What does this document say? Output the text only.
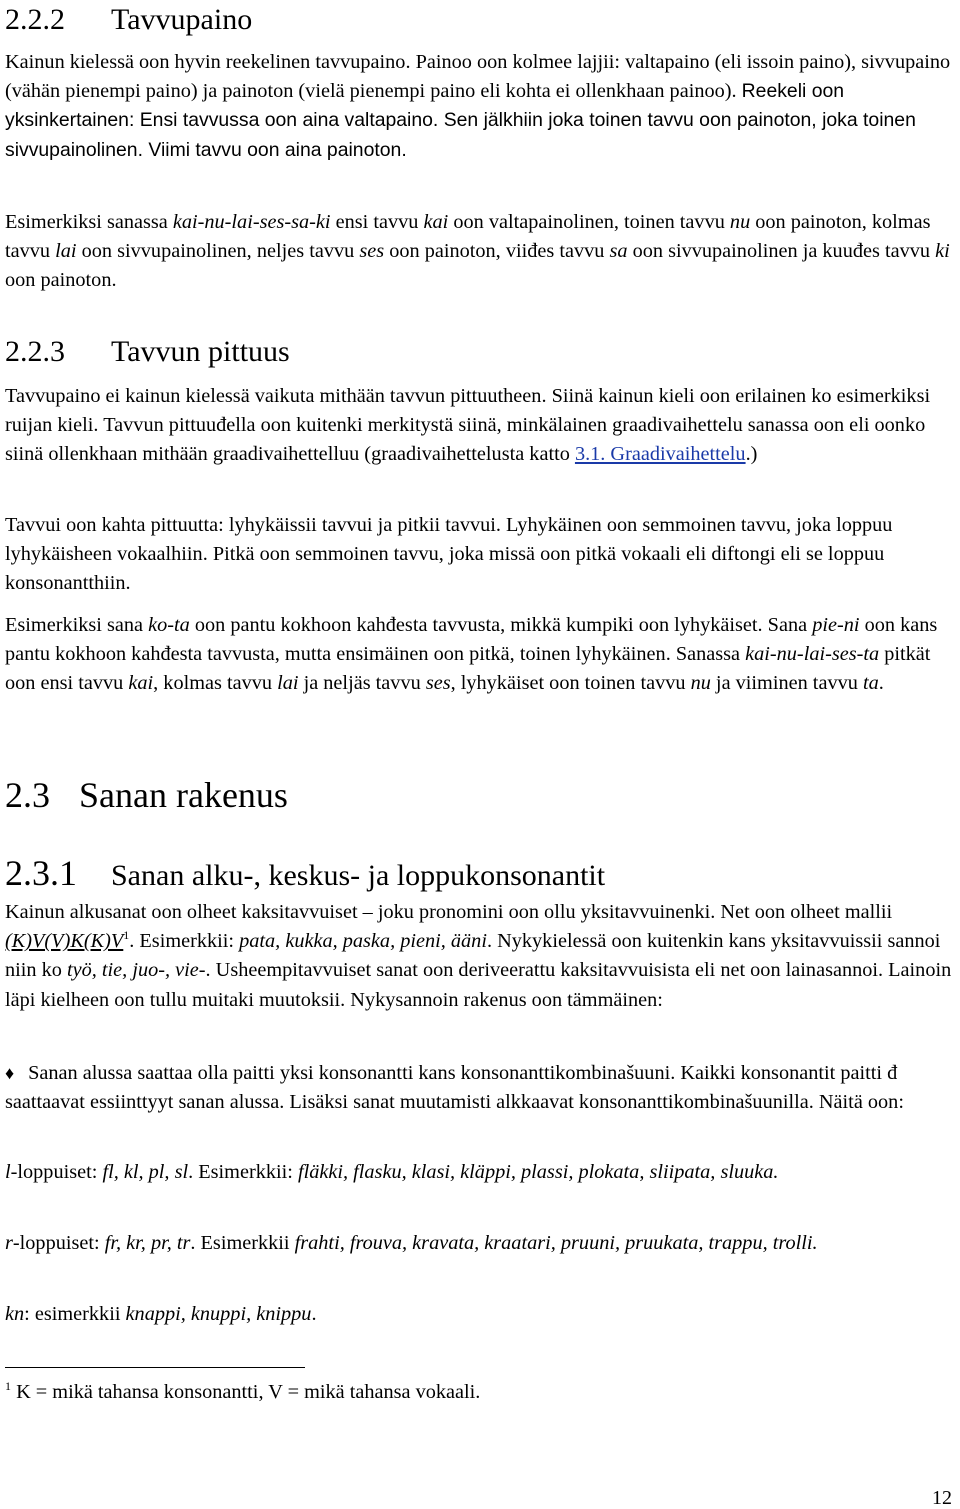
2.2.2 Tavvupaino

Kainun kielessä oon hyvin reekelinen tavvupaino. Painoo oon kolmee lajjii: valtapaino (eli issoin paino), sivvupaino (vähän pienempi paino) ja painoton (vielä pienempi paino eli kohta ei ollenkhaan painoo). Reekeli oon yksinkertainen: Ensi tavvussa oon aina valtapaino. Sen jälkhiin joka toinen tavvu oon painoton, joka toinen sivvupainolinen. Viimi tavvu oon aina painoton.

Esimerkiksi sanassa kai-nu-lai-ses-sa-ki ensi tavvu kai oon valtapainolinen, toinen tavvu nu oon painoton, kolmas tavvu lai oon sivvupainolinen, neljes tavvu ses oon painoton, viiđes tavvu sa oon sivvupainolinen ja kuuđes tavvu ki oon painoton.

2.2.3 Tavvun pittuus

Tavvupaino ei kainun kielessä vaikuta mithään tavvun pittuutheen. Siinä kainun kieli oon erilainen ko esimerkiksi ruijan kieli. Tavvun pittuuđella oon kuitenki merkitystä siinä, minkälainen graadivaihettelu sanassa oon eli oonko siinä ollenkhaan mithään graadivaihettelluu (graadivaihettelusta katto 3.1. Graadivaihettelu.)

Tavvui oon kahta pittuutta: lyhykäissii tavvui ja pitkii tavvui. Lyhykäinen oon semmoinen tavvu, joka loppuu lyhykäisheen vokaalhiin. Pitkä oon semmoinen tavvu, joka missä oon pitkä vokaali eli diftongi eli se loppuu konsonantthiin.

Esimerkiksi sana ko-ta oon pantu kokhoon kahđesta tavvusta, mikkä kumpiki oon lyhykäiset. Sana pie-ni oon kans pantu kokhoon kahđesta tavvusta, mutta ensimäinen oon pitkä, toinen lyhykäinen. Sanassa kai-nu-lai-ses-ta pitkät oon ensi tavvu kai, kolmas tavvu lai ja neljäs tavvu ses, lyhykäiset oon toinen tavvu nu ja viiminen tavvu ta.

2.3 Sanan rakenus
2.3.1 Sanan alku-, keskus- ja loppukonsonantit

Kainun alkusanat oon olheet kaksitavvuiset – joku pronomini oon ollu yksitavvuinenki. Net oon olheet mallii $(K)V(V)K(K)V^1$. Esimerkkii: pata, kukka, paska, pieni, ääni. Nykykielessä oon kuitenkin kans yksitavvuissii sannoi niin ko työ, tie, juo-, vie-. Usheempitavvuiset sanat oon deriveerattu kaksitavvuisista eli net oon lainasannoi. Lainoin läpi kielheen oon tullu muitaki muutoksii. Nykysannoin rakenus oon tämmäinen:

♦ Sanan alussa saattaa olla paitti yksi konsonantti kans konsonanttikombinašuuni. Kaikki konsonantit paitti đ saattaavat essiinttyyt sanan alussa. Lisäksi sanat muutamisti alkkaavat konsonanttikombinašuunilla. Näitä oon:

l-loppuiset: fl, kl, pl, sl. Esimerkkii: fläkki, flasku, klasi, kläppi, plassi, plokata, sliipata, sluuka.

r-loppuiset: fr, kr, pr, tr. Esimerkkii frahti, frouva, kravata, kraatari, pruuni, pruukata, trappu, trolli.

kn: esimerkkii knappi, knuppi, knippu.

$^1$ K = mikä tahansa konsonantti, V = mikä tahansa vokaali.
12
